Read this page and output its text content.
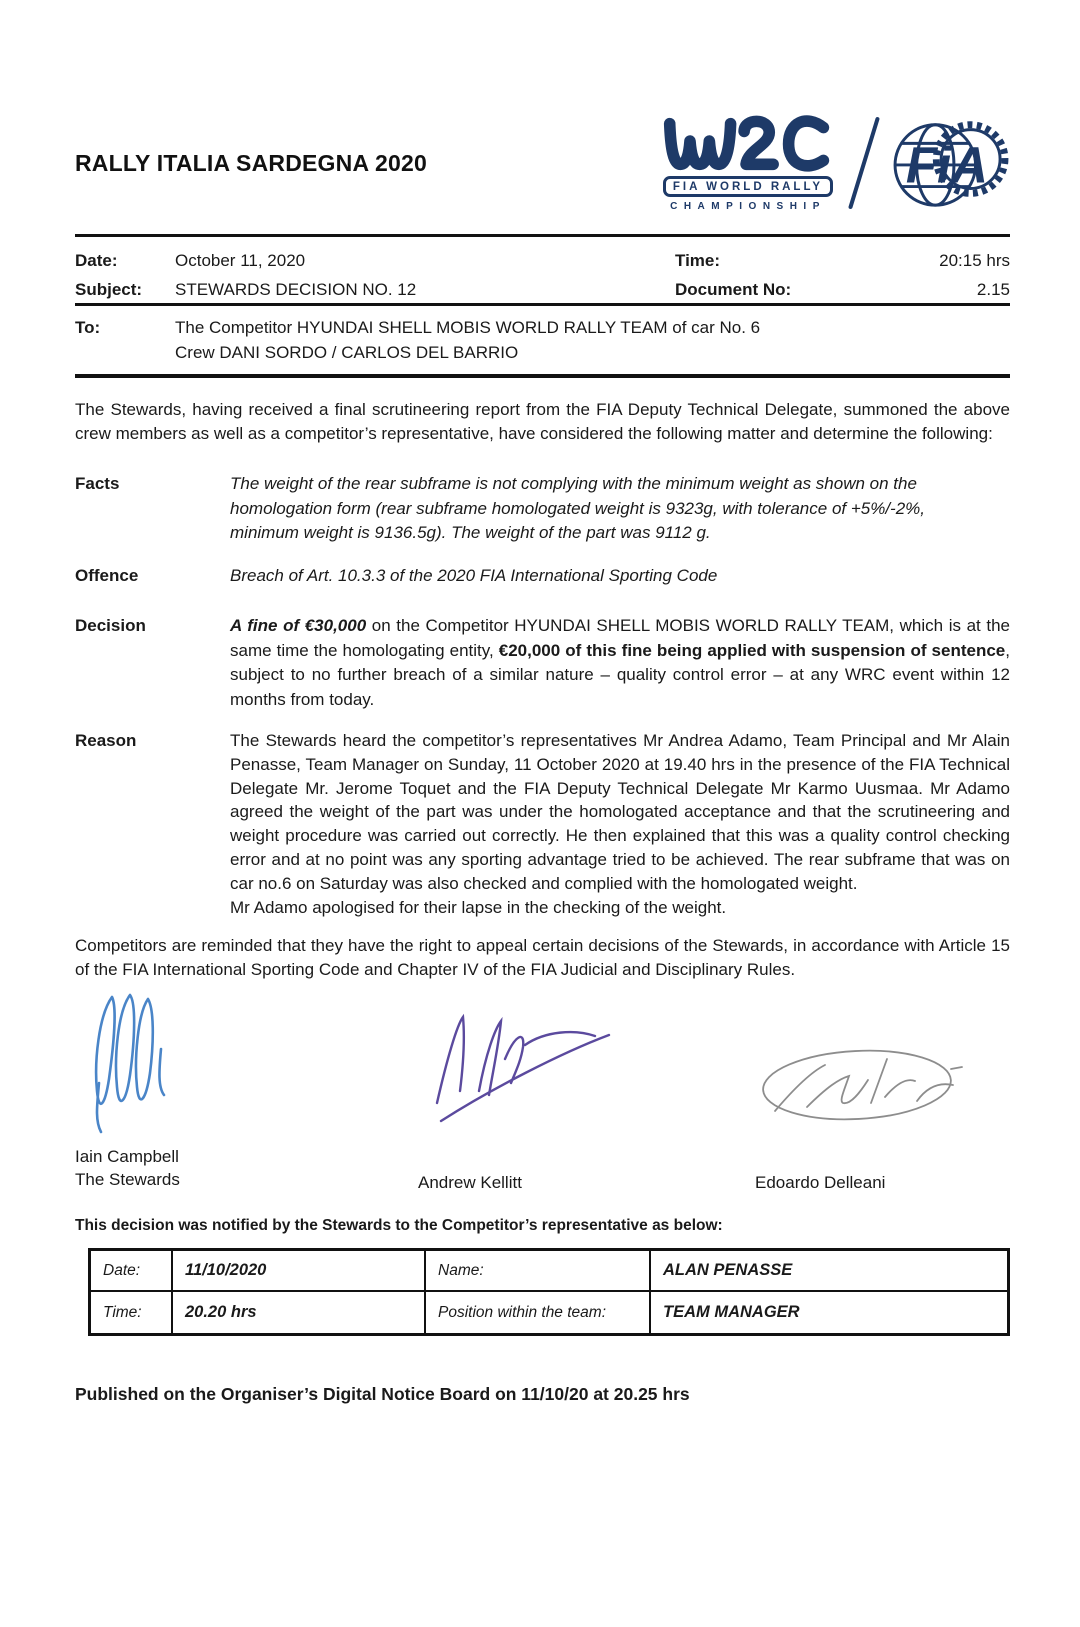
RALLY ITALIA SARDEGNA 2020
FIA WORLD RALLY
CHAMPIONSHIP
FiA
Date:	October 11, 2020	Time:	20:15 hrs
Subject:	STEWARDS DECISION NO. 12	Document No:	2.15
To:	The Competitor HYUNDAI SHELL MOBIS WORLD RALLY TEAM of car No. 6
Crew DANI SORDO / CARLOS DEL BARRIO

The Stewards, having received a final scrutineering report from the FIA Deputy Technical Delegate, summoned the above crew members as well as a competitor’s representative, have considered the following matter and determine the following:

Facts	The weight of the rear subframe is not complying with the minimum weight as shown on the homologation form (rear subframe homologated weight is 9323g, with tolerance of +5%/-2%, minimum weight is 9136.5g). The weight of the part was 9112 g.
Offence	Breach of Art. 10.3.3 of the 2020 FIA International Sporting Code
Decision	A fine of €30,000 on the Competitor HYUNDAI SHELL MOBIS WORLD RALLY TEAM, which is at the same time the homologating entity, €20,000 of this fine being applied with suspension of sentence, subject to no further breach of a similar nature – quality control error – at any WRC event within 12 months from today.
Reason	The Stewards heard the competitor’s representatives Mr Andrea Adamo, Team Principal and Mr Alain Penasse, Team Manager on Sunday, 11 October 2020 at 19.40 hrs in the presence of the FIA Technical Delegate Mr. Jerome Toquet and the FIA Deputy Technical Delegate Mr Karmo Uusmaa. Mr Adamo agreed the weight of the part was under the homologated acceptance and that the scrutineering and weight procedure was carried out correctly. He then explained that this was a quality control checking error and at no point was any sporting advantage tried to be achieved. The rear subframe that was on car no.6 on Saturday was also checked and complied with the homologated weight.
Mr Adamo apologised for their lapse in the checking of the weight.

Competitors are reminded that they have the right to appeal certain decisions of the Stewards, in accordance with Article 15 of the FIA International Sporting Code and Chapter IV of the FIA Judicial and Disciplinary Rules.

Iain Campbell
The Stewards	Andrew Kellitt	Edoardo Delleani
This decision was notified by the Stewards to the Competitor’s representative as below:
Date:	11/10/2020	Name:	ALAN PENASSE
Time:	20.20 hrs	Position within the team:	TEAM MANAGER
Published on the Organiser’s Digital Notice Board on 11/10/20 at 20.25 hrs
